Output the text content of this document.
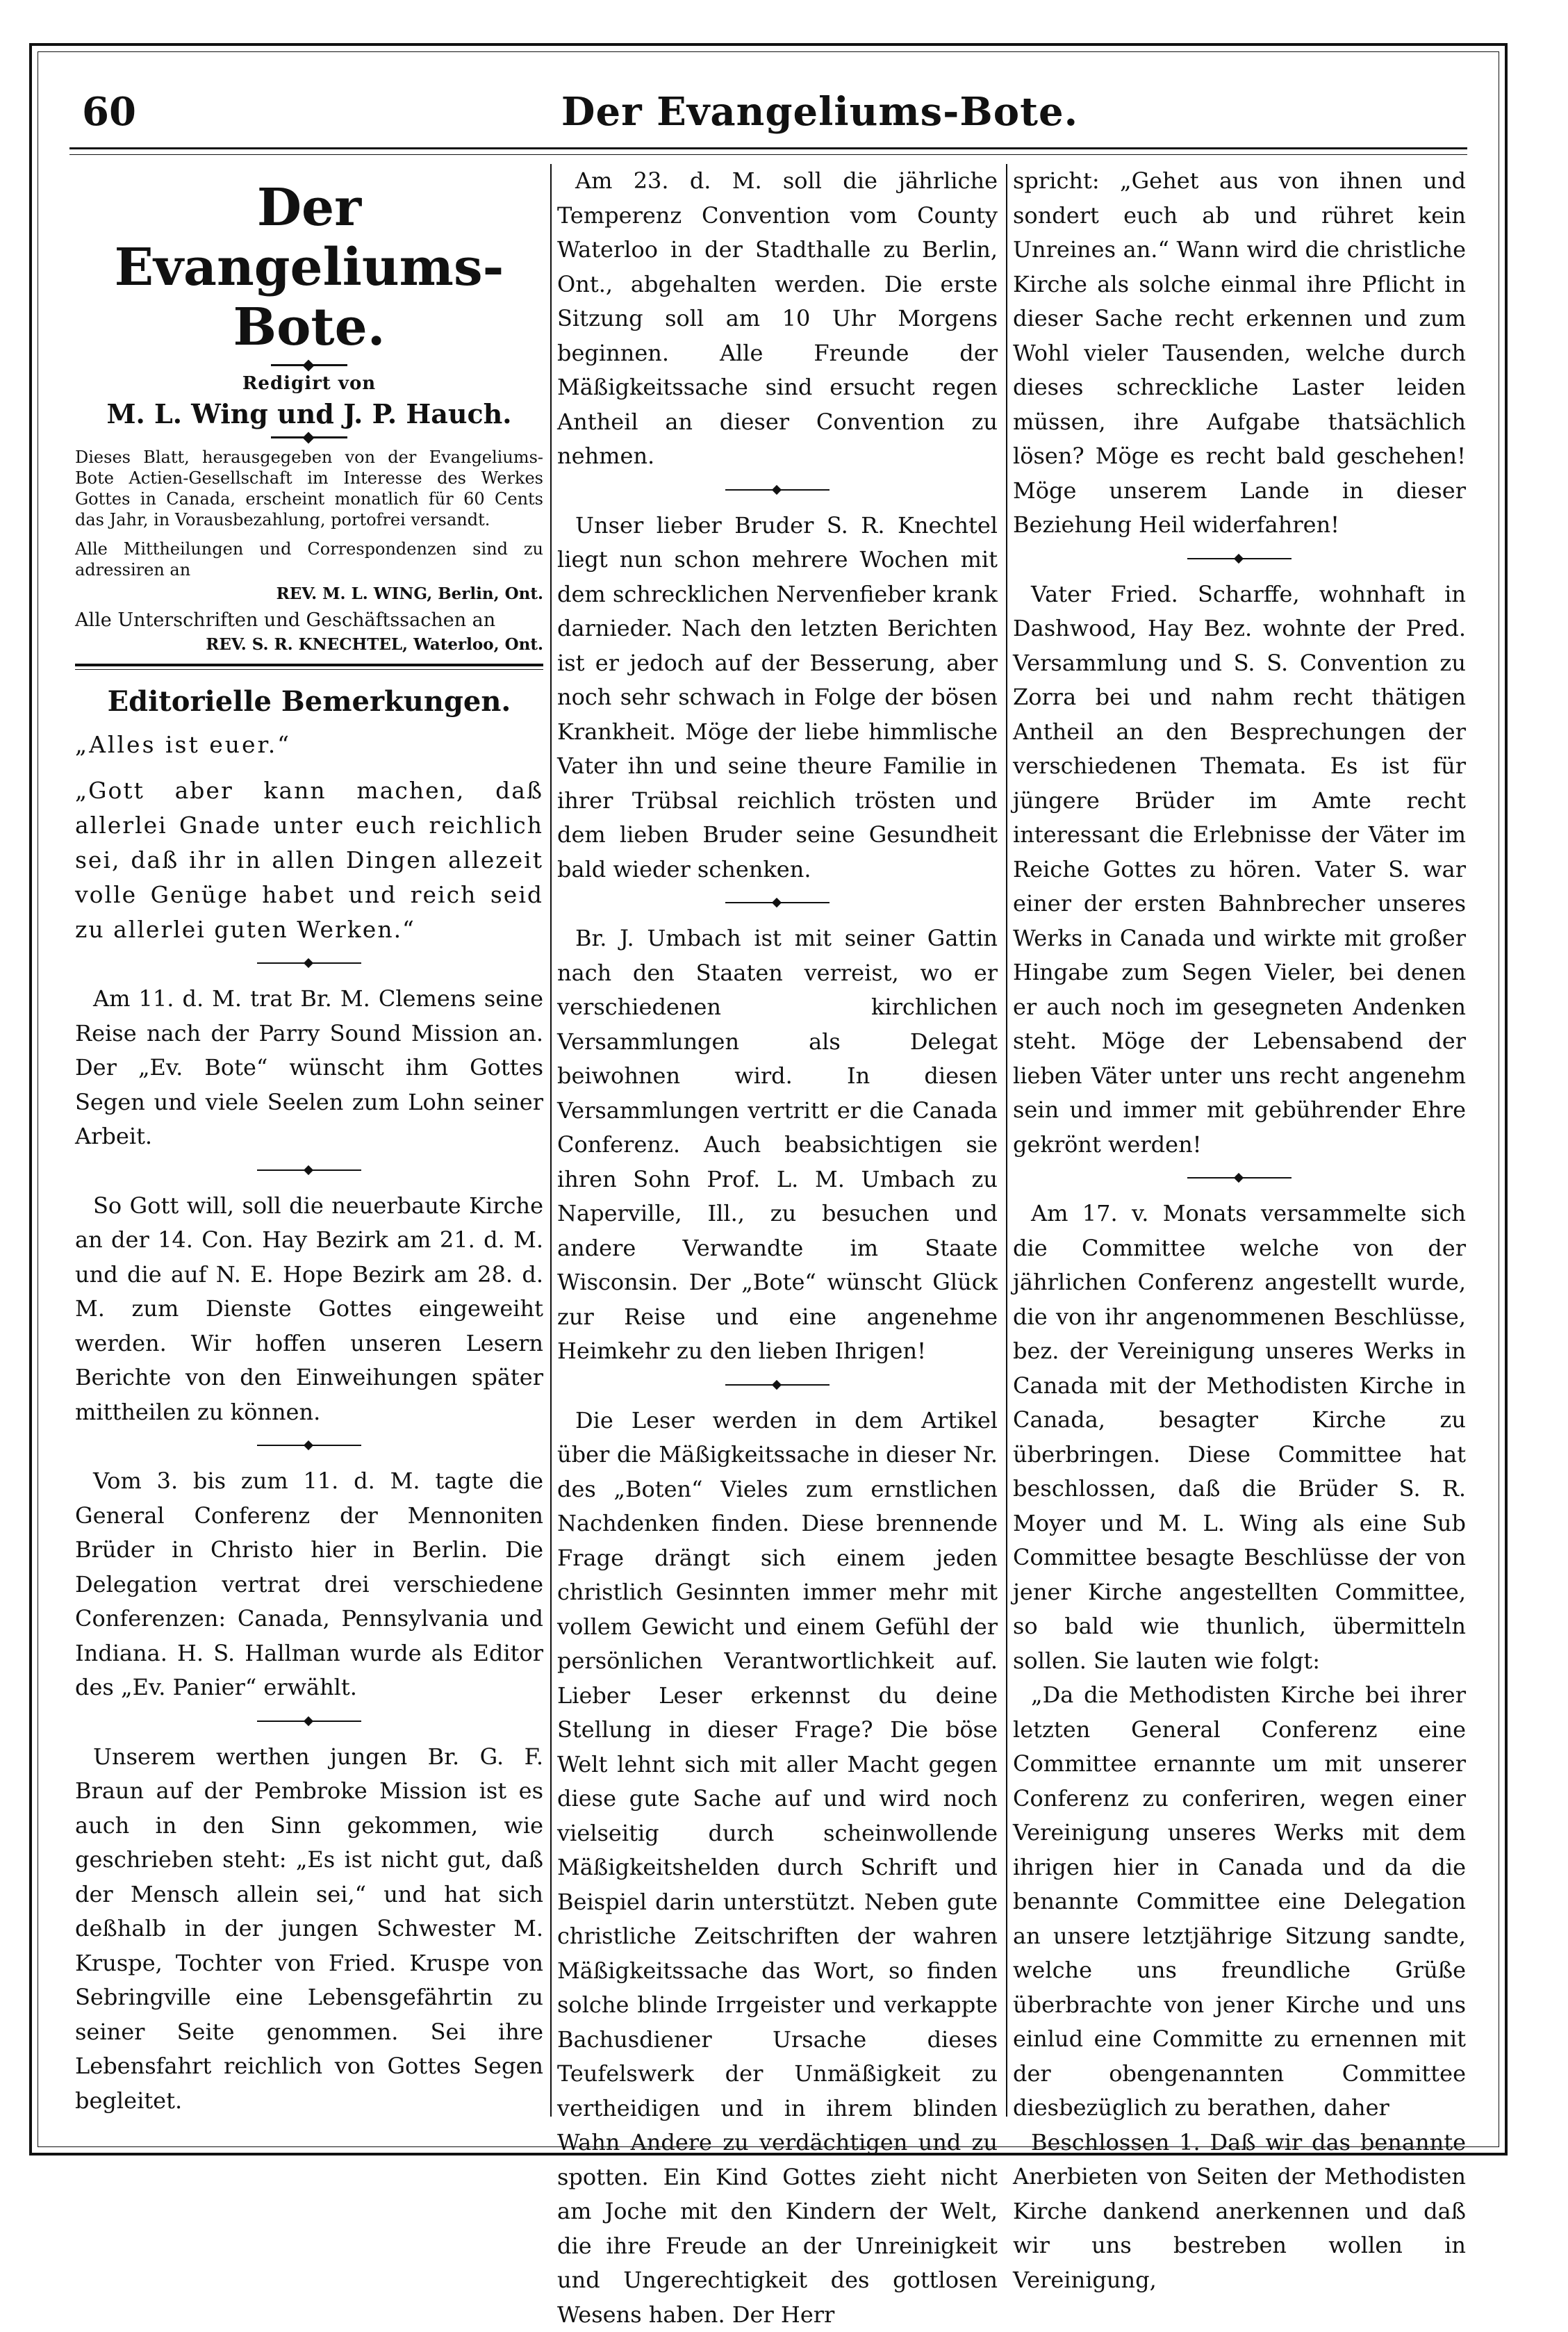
60	Der Evangeliums-Bote.
Der Evangeliums-Bote.
Redigirt von
M. L. Wing und J. P. Hauch.
Dieses Blatt, herausgegeben von der Evangeliums-Bote Actien-Gesellschaft im Interesse des Werkes Gottes in Canada, erscheint monatlich für 60 Cents das Jahr, in Vorausbezahlung, portofrei versandt.
Alle Mittheilungen und Correspondenzen sind zu adressiren an
REV. M. L. WING, Berlin, Ont.
Alle Unterschriften und Geschäftssachen an
REV. S. R. KNECHTEL, Waterloo, Ont.
Editorielle Bemerkungen.
„Alles ist euer.“
„Gott aber kann machen, daß allerlei Gnade unter euch reichlich sei, daß ihr in allen Dingen allezeit volle Genüge habet und reich seid zu allerlei guten Werken.“

Am 11. d. M. trat Br. M. Clemens seine Reise nach der Parry Sound Mission an. Der „Ev. Bote“ wünscht ihm Gottes Segen und viele Seelen zum Lohn seiner Arbeit.

So Gott will, soll die neuerbaute Kirche an der 14. Con. Hay Bezirk am 21. d. M. und die auf N. E. Hope Bezirk am 28. d. M. zum Dienste Gottes eingeweiht werden. Wir hoffen unseren Lesern Berichte von den Einweihungen später mittheilen zu können.

Vom 3. bis zum 11. d. M. tagte die General Conferenz der Mennoniten Brüder in Christo hier in Berlin. Die Delegation vertrat drei verschiedene Conferenzen: Canada, Pennsylvania und Indiana. H. S. Hallman wurde als Editor des „Ev. Panier“ erwählt.

Unserem werthen jungen Br. G. F. Braun auf der Pembroke Mission ist es auch in den Sinn gekommen, wie geschrieben steht: „Es ist nicht gut, daß der Mensch allein sei,“ und hat sich deßhalb in der jungen Schwester M. Kruspe, Tochter von Fried. Kruspe von Sebringville eine Lebensgefährtin zu seiner Seite genommen. Sei ihre Lebensfahrt reichlich von Gottes Segen begleitet.

Am 23. d. M. soll die jährliche Temperenz Convention vom County Waterloo in der Stadthalle zu Berlin, Ont., abgehalten werden. Die erste Sitzung soll am 10 Uhr Morgens beginnen. Alle Freunde der Mäßigkeitssache sind ersucht regen Antheil an dieser Convention zu nehmen.

Unser lieber Bruder S. R. Knechtel liegt nun schon mehrere Wochen mit dem schrecklichen Nervenfieber krank darnieder. Nach den letzten Berichten ist er jedoch auf der Besserung, aber noch sehr schwach in Folge der bösen Krankheit. Möge der liebe himmlische Vater ihn und seine theure Familie in ihrer Trübsal reichlich trösten und dem lieben Bruder seine Gesundheit bald wieder schenken.

Br. J. Umbach ist mit seiner Gattin nach den Staaten verreist, wo er verschiedenen kirchlichen Versammlungen als Delegat beiwohnen wird. In diesen Versammlungen vertritt er die Canada Conferenz. Auch beabsichtigen sie ihren Sohn Prof. L. M. Umbach zu Naperville, Ill., zu besuchen und andere Verwandte im Staate Wisconsin. Der „Bote“ wünscht Glück zur Reise und eine angenehme Heimkehr zu den lieben Ihrigen!

Die Leser werden in dem Artikel über die Mäßigkeitssache in dieser Nr. des „Boten“ Vieles zum ernstlichen Nachdenken finden. Diese brennende Frage drängt sich einem jeden christlich Gesinnten immer mehr mit vollem Gewicht und einem Gefühl der persönlichen Verantwortlichkeit auf. Lieber Leser erkennst du deine Stellung in dieser Frage? Die böse Welt lehnt sich mit aller Macht gegen diese gute Sache auf und wird noch vielseitig durch scheinwollende Mäßigkeitshelden durch Schrift und Beispiel darin unterstützt. Neben gute christliche Zeitschriften der wahren Mäßigkeitssache das Wort, so finden solche blinde Irrgeister und verkappte Bachusdiener Ursache dieses Teufelswerk der Unmäßigkeit zu vertheidigen und in ihrem blinden Wahn Andere zu verdächtigen und zu spotten. Ein Kind Gottes zieht nicht am Joche mit den Kindern der Welt, die ihre Freude an der Unreinigkeit und Ungerechtigkeit des gottlosen Wesens haben. Der Herr

spricht: „Gehet aus von ihnen und sondert euch ab und rühret kein Unreines an.“ Wann wird die christliche Kirche als solche einmal ihre Pflicht in dieser Sache recht erkennen und zum Wohl vieler Tausenden, welche durch dieses schreckliche Laster leiden müssen, ihre Aufgabe thatsächlich lösen? Möge es recht bald geschehen! Möge unserem Lande in dieser Beziehung Heil widerfahren!

Vater Fried. Scharffe, wohnhaft in Dashwood, Hay Bez. wohnte der Pred. Versammlung und S. S. Convention zu Zorra bei und nahm recht thätigen Antheil an den Besprechungen der verschiedenen Themata. Es ist für jüngere Brüder im Amte recht interessant die Erlebnisse der Väter im Reiche Gottes zu hören. Vater S. war einer der ersten Bahnbrecher unseres Werks in Canada und wirkte mit großer Hingabe zum Segen Vieler, bei denen er auch noch im gesegneten Andenken steht. Möge der Lebensabend der lieben Väter unter uns recht angenehm sein und immer mit gebührender Ehre gekrönt werden!

Am 17. v. Monats versammelte sich die Committee welche von der jährlichen Conferenz angestellt wurde, die von ihr angenommenen Beschlüsse, bez. der Vereinigung unseres Werks in Canada mit der Methodisten Kirche in Canada, besagter Kirche zu überbringen. Diese Committee hat beschlossen, daß die Brüder S. R. Moyer und M. L. Wing als eine Sub Committee besagte Beschlüsse der von jener Kirche angestellten Committee, so bald wie thunlich, übermitteln sollen. Sie lauten wie folgt:

„Da die Methodisten Kirche bei ihrer letzten General Conferenz eine Committee ernannte um mit unserer Conferenz zu conferiren, wegen einer Vereinigung unseres Werks mit dem ihrigen hier in Canada und da die benannte Committee eine Delegation an unsere letztjährige Sitzung sandte, welche uns freundliche Grüße überbrachte von jener Kirche und uns einlud eine Committe zu ernennen mit der obengenannten Committee diesbezüglich zu berathen, daher

Beschlossen 1. Daß wir das benannte Anerbieten von Seiten der Methodisten Kirche dankend anerkennen und daß wir uns bestreben wollen in Vereinigung,
